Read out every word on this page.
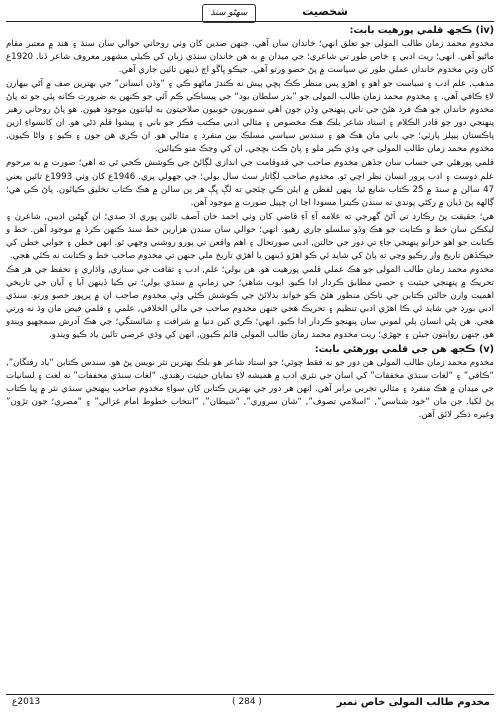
سهڻو سنڌ	شخصيت

(iv) ڪجھ قلمي پورهيت بابت:

مخدوم محمد زمان طالب المولى جو تعلق انهي؛ خاندان سان آهي. جنهن صدين کان وٺي روحاني حوالي سان سنڌ ۽ هند ۾ معتبر مقام ماڻيو آهي. انهي؛ ريت ادبي ۽ خاص طور تي شاعري؛ جي ميدان ۾ به هن خاندان سنڌي زبان کي ڪيئي مشهور معروف شاعر ڏنا. 1920ع کان وٺي مخدوم خاندان عملي طور تي سياست ۾ پڻ حصو ورتو آهي. جيڪو ڀاڱو اڄ ڏينهن تائين جاري آهي.

مذهب, علم ادب ۽ سياست جو اهو ۽ اهڙو پس منظر ڪڪ پڇي پيش نه ڪندڙ ماڻهو ڪي ۽ “وڏن انسانن” جي بهترين صف ۾ آڻي بيهارن لاءِ ڪافي آهي. ۽ مخدوم محمد زمان طالب المولى جو ”بدر سلطان بود“ جي پيساڪي ڪم آئي جو ڪنهن به ضرورت ڪانه پئي جو ته پاڻ مخدوم خاندان جو هڪ فرد هئڻ جي ناتي پنهنجي وڏن جون اهي سموريون خوبيون صلاحيتون به ليانتون موجود هيون. هو پاڻ روحاني رهبر پنهنجي دور جو قادر الڪلام ۽ استاد شاعر بلڪ هڪ مخصوص ۽ مثالي ادبي مڪتب فڪر جو باني ۽ پيشوا قلم ڌڻي هو. ان کانسواءِ ازين پاڪستان پيپلز پارٽي؛ جي باني مان هڪ هو ۽ سندس سياسي مسلڪ بين منفرد ۽ مثالي هو. ان ڪري هن جون ۽ ڪيو ۽ واڻا ڪيون, مخدوم محمد زمان طالب المولى جي وڌي ڪير ملو ۽ پاڻ ڪٺ بڇجي, ان کي وڃڪ منو ڪيائين.

قلمي پورهئي جي حساب سان جڏهن مخدوم صاحب جي قدوقامت جي اندازي لڳائڻ جي ڪوشش ڪجي ٿي ته اهي؛ صورت ۾ به مرحوم علم دوست ۽ ادب پرور انسان نظر اچي ٿو. مخدوم صاحب لڳاتار سٺ سال بولي؛ جي جهولي پري. 1946ع کان وٺي 1993ع تائين يعني 47 سالن ۾ سنڌ ۾ 25 ڪتاب شايع ٿيا. پنهن لفظن ۾ ايئن ڪي چئجي ته لڳ ڀڳ هر ٻن سالن ۾ هڪ ڪتاب تخليق ڪيائون. پاڻ ڪي هي؛ ڳالهه پڻ ڏيان ۾ رکڻي پوندي ته سندن ڪيترا مسودا اڃا ان ڇپيل صورت ۾ موجود آهن.

هي؛ حقيقت پڻ رڪارڊ تي آڻڻ گهرجي ته علامه آءِ آءِ قاضي کان وٺي احمد خان آصف تائين پوري اڌ صدي؛ ان گهڻين اديبن, شاعرن ۽ ليکڪن سان خط و ڪتابت جو هڪ وڏو سلسلو جاري رهيو. انهي؛ حوالي سان سندن هزارين خط سنڌ ڪنهن ڪرڏ ۾ موجود آهن. خط و ڪتابت جو اهو خزانو پنهنجي جاءِ تي دور جي حالتن, ادبي صورتحال ۽ اهم واقعن تي پورو روشني وجهي ٿو. انهن خطن ۽ جوابي خطن کي جيڪڏهن تاريخ وار رڪيو وڃي ته پاڻ کي شايد ئي ڪو اهڙو ڏينهن يا اهڙي تاريخ ملي جنهن تي مخدوم صاحب خط و ڪتابت نه ڪئي هجي.

مخدوم محمد زمان طالب المولى جو هڪ عملي قلمي پورهيت هو. هن بولي؛ علم, ادب ۽ ثقافت جي ستاري, واڌاري ۽ تحفظ جي هر هڪ تحريڪ ۾ پنهنجي حيثيت ۽ حصي مطابق ڪردار ادا ڪيو. ايوب شاهي؛ جي زمانې ۾ سنڌي ٻولي؛ تي ڪيا ڏينهن آيا ۽ آيان جي تاريخي اهميت وارن حالتن ڪتابن جي ناڪن منظور هئڻ ڪو خوانڊ بدلائڻ جي ڪوشش ڪئي وئي مخدوم صاحب ان ۾ پرپور حصو ورتو. سنڌي ادبي بورڊ جي شايد ئي ڪا اهڙي ادبي تنظيم ۽ تحريڪ هجي جنهن مخدوم صاحب جي مالي الخلافي, علمي ۽ قلمي فيض مان وڌ نه ورتي هجي. هن پڻي انسان ٻلي لموني سان پنهنجو ڪردار ادا ڪيو. انهي؛ ڪري کين دنيا ۾ شرافت ۽ شائستگي؛ جي هڪ آدرش سمجهيو ويندو هو, جنهن روايتون جيئن ۽ جهڙي؛ ريت مخدوم محمد زمان طالب المولى قائم ڪيون, انهن کي وڌي عرصي تائين ياد ڪيو ويندو.

(v) ڪجھ هن جي قلمي پورهئي بابت:

مخدوم محمد زمان طالب المولى هن دور جو نه فقط چوٽي؛ جو استاد شاعر هو بلڪ بهترين نثر نويس پڻ هو. سندس ڪتابن “ياد رفتگان”, “ڪافي” ۽ “لغات سنڌي مخففات” کي اسان جي نثري ادب ۾ هميشه لاءِ نمايان حيثيت رهندي. “لغات سنڌي مخففات” نه لغت ۽ لسانيات جي ميدان ۾ هڪ منفرد ۽ مثالي تجربي برابر آهي. انهن هر دور جي بهترين ڪتابن کان سواءِ مخدوم صاحب پنهنجي سنڌي نثر ۾ ڀيا ڪتاب پڻ لکيا. جن مان “خود شناسي”, “اسلامي تصوف”, “شان سروري”, “شيطان”, “انتخاب خطوط امام غزالي” ۽ “مصري؛ جون تڙون” وغيره ذڪر لائق آهن.

مخدوم طالب المولى خاص نمبر
( 284 )
2013ع
